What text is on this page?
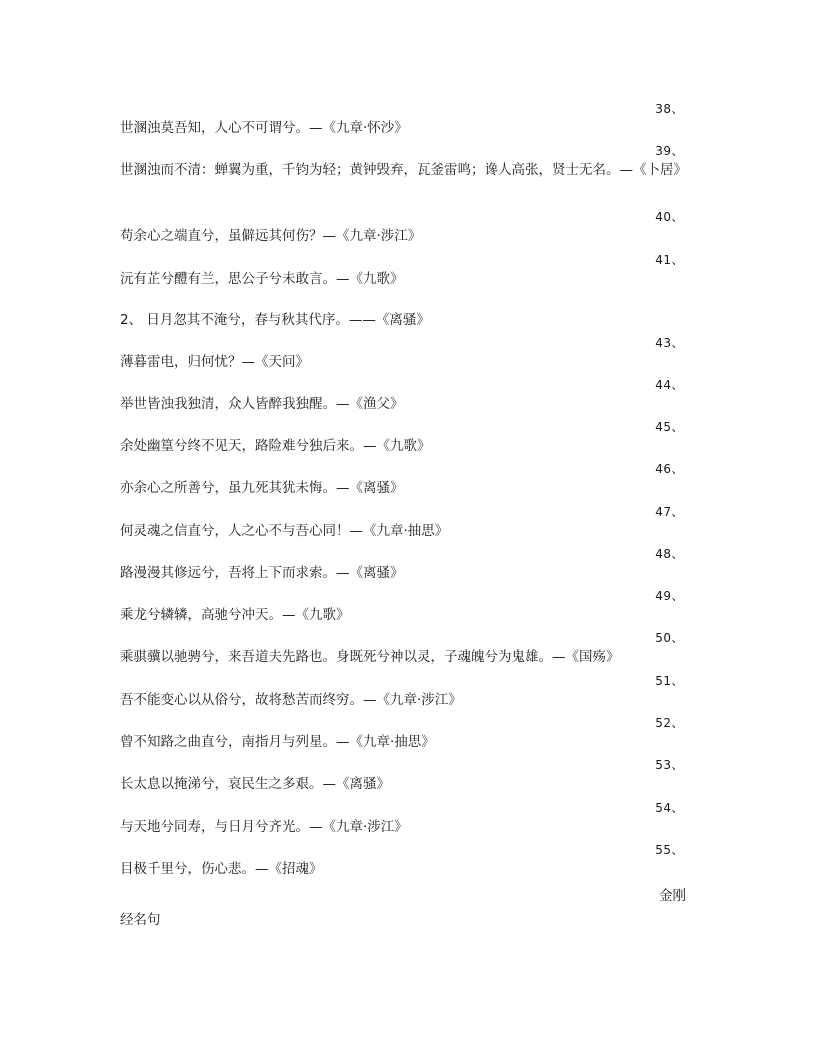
38、
世溷浊莫吾知，人心不可谓兮。—《九章·怀沙》
39、
世溷浊而不清：蝉翼为重，千钧为轻；黄钟毁弃，瓦釜雷鸣；谗人高张，贤士无名。—《卜居》
40、
苟余心之端直兮，虽僻远其何伤？—《九章·涉江》
41、
沅有芷兮醴有兰，思公子兮未敢言。—《九歌》
2、 日月忽其不淹兮，春与秋其代序。——《离骚》
43、
薄暮雷电，归何忧？—《天问》
44、
举世皆浊我独清，众人皆醉我独醒。—《渔父》
45、
余处幽篁兮终不见天，路险难兮独后来。—《九歌》
46、
亦余心之所善兮，虽九死其犹未悔。—《离骚》
47、
何灵魂之信直兮，人之心不与吾心同！—《九章·抽思》
48、
路漫漫其修远兮，吾将上下而求索。—《离骚》
49、
乘龙兮辚辚，高驰兮冲天。—《九歌》
50、
乘骐骥以驰骋兮，来吾道夫先路也。身既死兮神以灵，子魂魄兮为鬼雄。—《国殇》
51、
吾不能变心以从俗兮，故将愁苦而终穷。—《九章·涉江》
52、
曾不知路之曲直兮，南指月与列星。—《九章·抽思》
53、
长太息以掩涕兮，哀民生之多艰。—《离骚》
54、
与天地兮同寿，与日月兮齐光。—《九章·涉江》
55、
目极千里兮，伤心悲。—《招魂》
金刚
经名句
